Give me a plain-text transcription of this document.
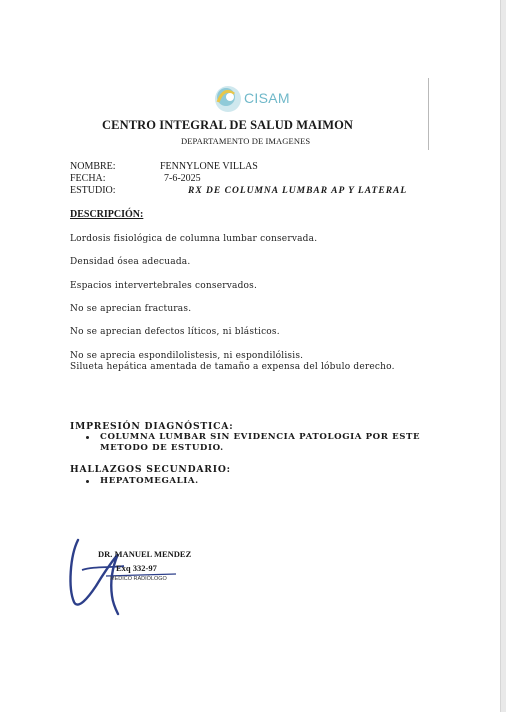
CISAM
CENTRO INTEGRAL DE SALUD MAIMON
DEPARTAMENTO DE IMAGENES
NOMBRE:	FENNYLONE VILLAS
FECHA:	7-6-2025
ESTUDIO:	RX DE COLUMNA LUMBAR AP Y LATERAL
DESCRIPCIÓN:
Lordosis fisiológica de columna lumbar conservada.
Densidad ósea adecuada.
Espacios intervertebrales conservados.
No se aprecian fracturas.
No se aprecian defectos líticos, ni blásticos.
No se aprecia espondilolistesis, ni espondilólisis.
Silueta hepática amentada de tamaño a expensa del lóbulo derecho.
IMPRESIÓN DIAGNÓSTICA:
COLUMNA LUMBAR SIN EVIDENCIA PATOLOGIA POR ESTE
METODO DE ESTUDIO.
HALLAZGOS SECUNDARIO:
HEPATOMEGALIA.
DR. MANUEL MENDEZ
Exq 332-97
MÉDICO RADIÓLOGO
